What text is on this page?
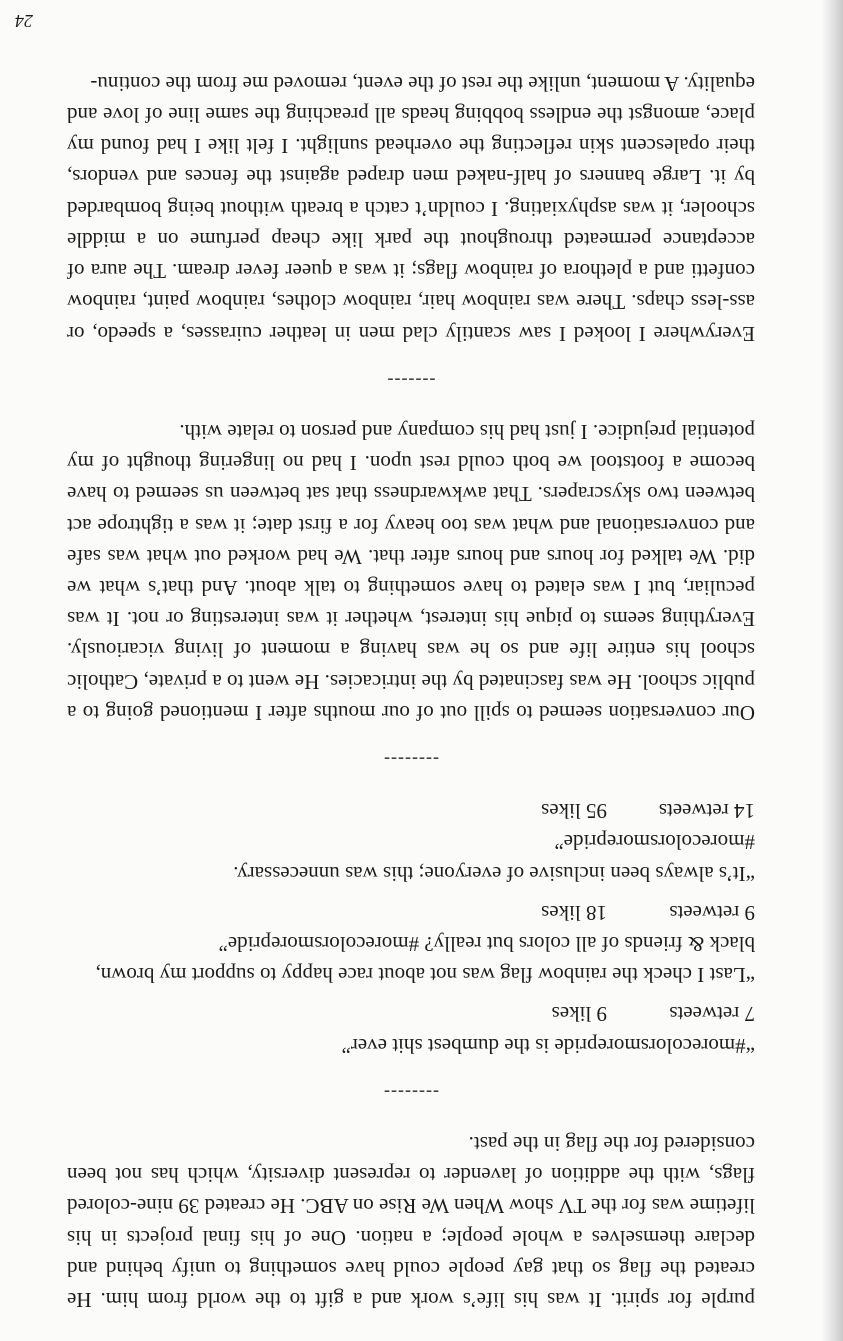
purple for spirit. It was his life’s work and a gift to the world from him. He created the flag so that gay people could have something to unify behind and declare themselves a whole people; a nation. One of his final projects in his lifetime was for the TV show When We Rise on ABC. He created 39 nine-colored flags, with the addition of lavender to represent diversity, which has not been considered for the flag in the past.

--------

“#morecolorsmorepride is the dumbest shit ever”

7 retweets
9 likes

“Last I check the rainbow flag was not about race happy to support my brown, black & friends of all colors but really? #morecolorsmorepride”

9 retweets
18 likes

“It’s always been inclusive of everyone; this was unnecessary. #morecolorsmorepride”

14 retweets
95 likes
--------

Our conversation seemed to spill out of our mouths after I mentioned going to a public school. He was fascinated by the intricacies. He went to a private, Catholic school his entire life and so he was having a moment of living vicariously. Everything seems to pique his interest, whether it was interesting or not. It was peculiar, but I was elated to have something to talk about. And that’s what we did. We talked for hours and hours after that. We had worked out what was safe and conversational and what was too heavy for a first date; it was a tightrope act between two skyscrapers. That awkwardness that sat between us seemed to have become a footstool we both could rest upon. I had no lingering thought of my potential prejudice. I just had his company and person to relate with.

-------

Everywhere I looked I saw scantily clad men in leather cuirasses, a speedo, or ass-less chaps. There was rainbow hair, rainbow clothes, rainbow paint, rainbow confetti and a plethora of rainbow flags; it was a queer fever dream. The aura of acceptance permeated throughout the park like cheap perfume on a middle schooler, it was asphyxiating. I couldn’t catch a breath without being bombarded by it. Large banners of half-naked men draped against the fences and vendors, their opalescent skin reflecting the overhead sunlight. I felt like I had found my place, amongst the endless bobbing heads all preaching the same line of love and equality. A moment, unlike the rest of the event, removed me from the continu-

24
